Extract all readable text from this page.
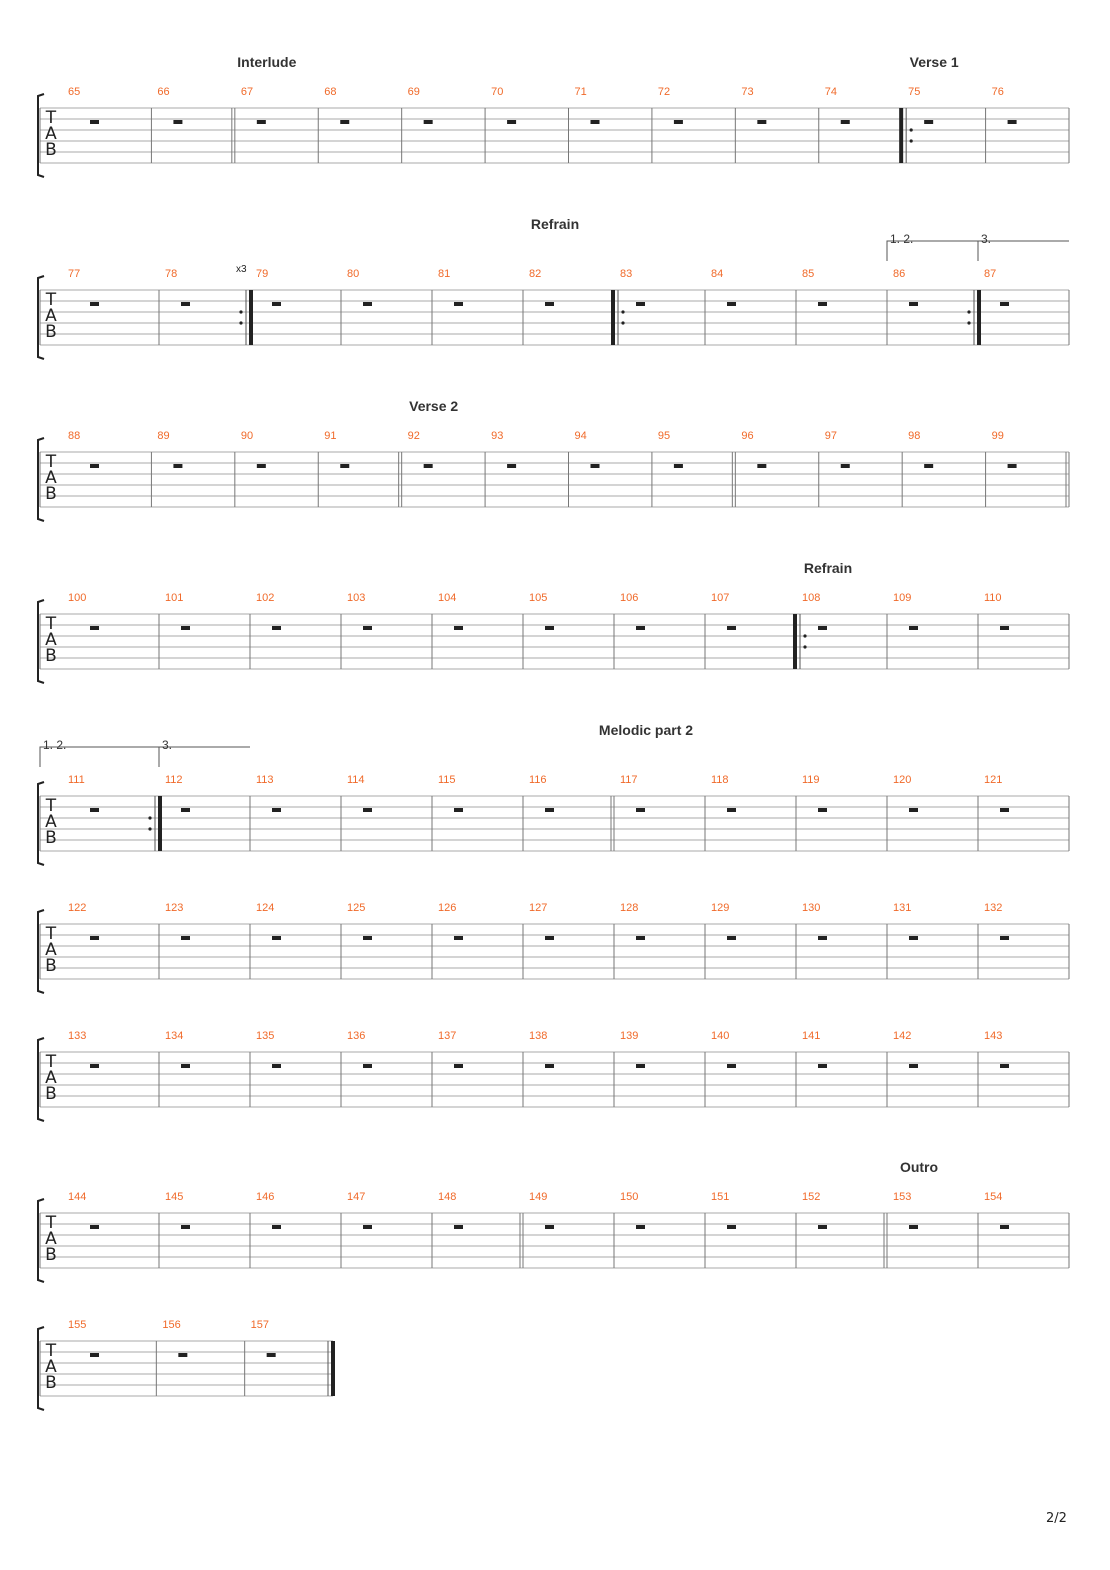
T
A
B
65	66	67	68	69	70	71	72	73	74	75	76
Interlude	Verse 1
T
A
B
77	78	79	80	81	82	83	84	85	86	87
Refrain
1. 2.	3.
x3
T
A
B
88	89	90	91	92	93	94	95	96	97	98	99
Verse 2
T
A
B
100	101	102	103	104	105	106	107	108	109	110
Refrain
T
A
B
111	112	113	114	115	116	117	118	119	120	121
Melodic part 2
1. 2.	3.
T
A
B
122	123	124	125	126	127	128	129	130	131	132
T
A
B
133	134	135	136	137	138	139	140	141	142	143
T
A
B
144	145	146	147	148	149	150	151	152	153	154
Outro
T
A
B
155	156	157
2/2
